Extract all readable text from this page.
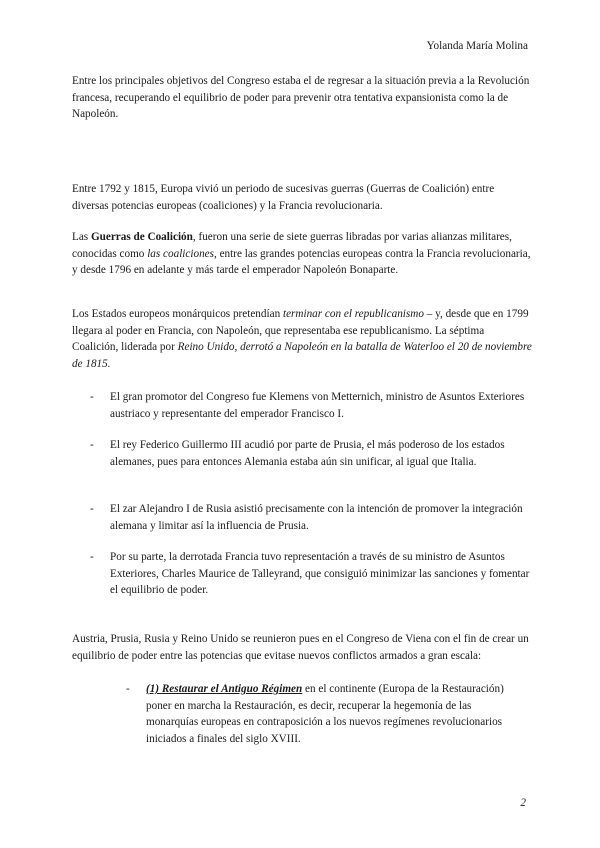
Yolanda María Molina

Entre los principales objetivos del Congreso estaba el de regresar a la situación previa a la Revolución francesa, recuperando el equilibrio de poder para prevenir otra tentativa expansionista como la de Napoleón.

Entre 1792 y 1815, Europa vivió un periodo de sucesivas guerras (Guerras de Coalición) entre diversas potencias europeas (coaliciones) y la Francia revolucionaria.

Las Guerras de Coalición, fueron una serie de siete guerras libradas por varias alianzas militares, conocidas como las coaliciones, entre las grandes potencias europeas contra la Francia revolucionaria, y desde 1796 en adelante y más tarde el emperador Napoleón Bonaparte.

Los Estados europeos monárquicos pretendían terminar con el republicanismo – y, desde que en 1799 llegara al poder en Francia, con Napoleón, que representaba ese republicanismo. La séptima Coalición, liderada por Reino Unido, derrotó a Napoleón en la batalla de Waterloo el 20 de noviembre de 1815.

- El gran promotor del Congreso fue Klemens von Metternich, ministro de Asuntos Exteriores austriaco y representante del emperador Francisco I.
- El rey Federico Guillermo III acudió por parte de Prusia, el más poderoso de los estados alemanes, pues para entonces Alemania estaba aún sin unificar, al igual que Italia.
- El zar Alejandro I de Rusia asistió precisamente con la intención de promover la integración alemana y limitar así la influencia de Prusia.
- Por su parte, la derrotada Francia tuvo representación a través de su ministro de Asuntos Exteriores, Charles Maurice de Talleyrand, que consiguió minimizar las sanciones y fomentar el equilibrio de poder.

Austria, Prusia, Rusia y Reino Unido se reunieron pues en el Congreso de Viena con el fin de crear un equilibrio de poder entre las potencias que evitase nuevos conflictos armados a gran escala:

- (1) Restaurar el Antiguo Régimen en el continente (Europa de la Restauración) poner en marcha la Restauración, es decir, recuperar la hegemonía de las monarquías europeas en contraposición a los nuevos regímenes revolucionarios iniciados a finales del siglo XVIII.
2
